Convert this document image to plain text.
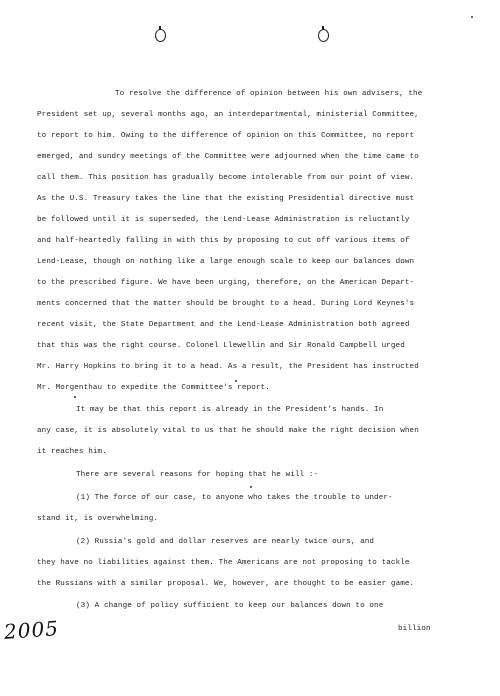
To resolve the difference of opinion between his own advisers, the
President set up, several months ago, an interdepartmental, ministerial Committee,
to report to him. Owing to the difference of opinion on this Committee, no report
emerged, and sundry meetings of the Committee were adjourned when the time came to
call them. This position has gradually become intolerable from our point of view.
As the U.S. Treasury takes the line that the existing Presidential directive must
be followed until it is superseded, the Lend-Lease Administration is reluctantly
and half-heartedly falling in with this by proposing to cut off various items of
Lend-Lease, though on nothing like a large enough scale to keep our balances down
to the prescribed figure. We have been urging, therefore, on the American Depart-
ments concerned that the matter should be brought to a head. During Lord Keynes's
recent visit, the State Department and the Lend-Lease Administration both agreed
that this was the right course. Colonel Llewellin and Sir Ronald Campbell urged
Mr. Harry Hopkins to bring it to a head. As a result, the President has instructed
Mr. Morgenthau to expedite the Committee's report.
It may be that this report is already in the President's hands. In
any case, it is absolutely vital to us that he should make the right decision when
it reaches him.
There are several reasons for hoping that he will :-
(1) The force of our case, to anyone who takes the trouble to under-
stand it, is overwhelming.
(2) Russia's gold and dollar reserves are nearly twice ours, and
they have no liabilities against them. The Americans are not proposing to tackle
the Russians with a similar proposal. We, however, are thought to be easier game.
(3) A change of policy sufficient to keep our balances down to one
billion
2005
